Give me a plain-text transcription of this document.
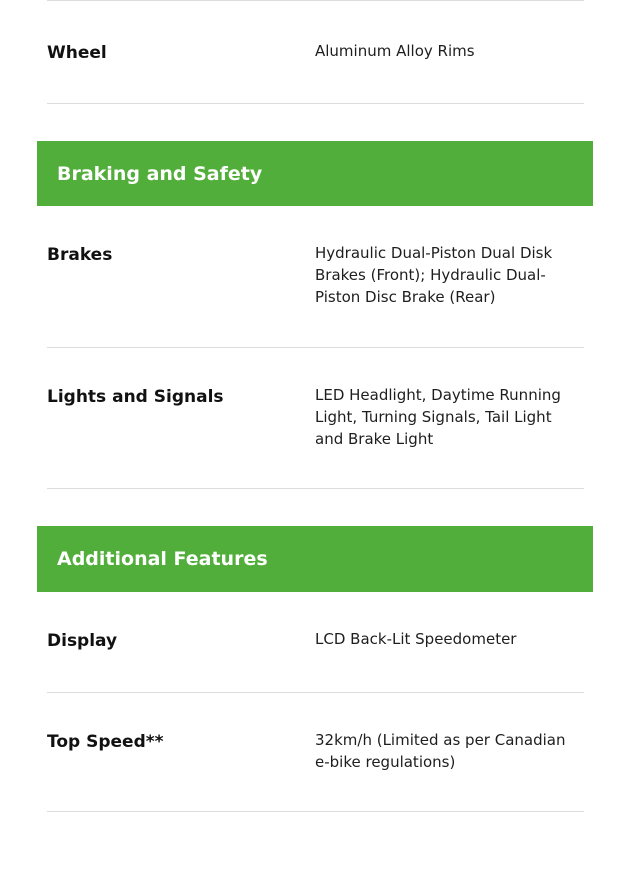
Wheel	Aluminum Alloy Rims
Braking and Safety
Brakes	Hydraulic Dual-Piston Dual Disk Brakes (Front); Hydraulic Dual-Piston Disc Brake (Rear)
Lights and Signals	LED Headlight, Daytime Running Light, Turning Signals, Tail Light and Brake Light
Additional Features
Display	LCD Back-Lit Speedometer
Top Speed**	32km/h (Limited as per Canadian e-bike regulations)
